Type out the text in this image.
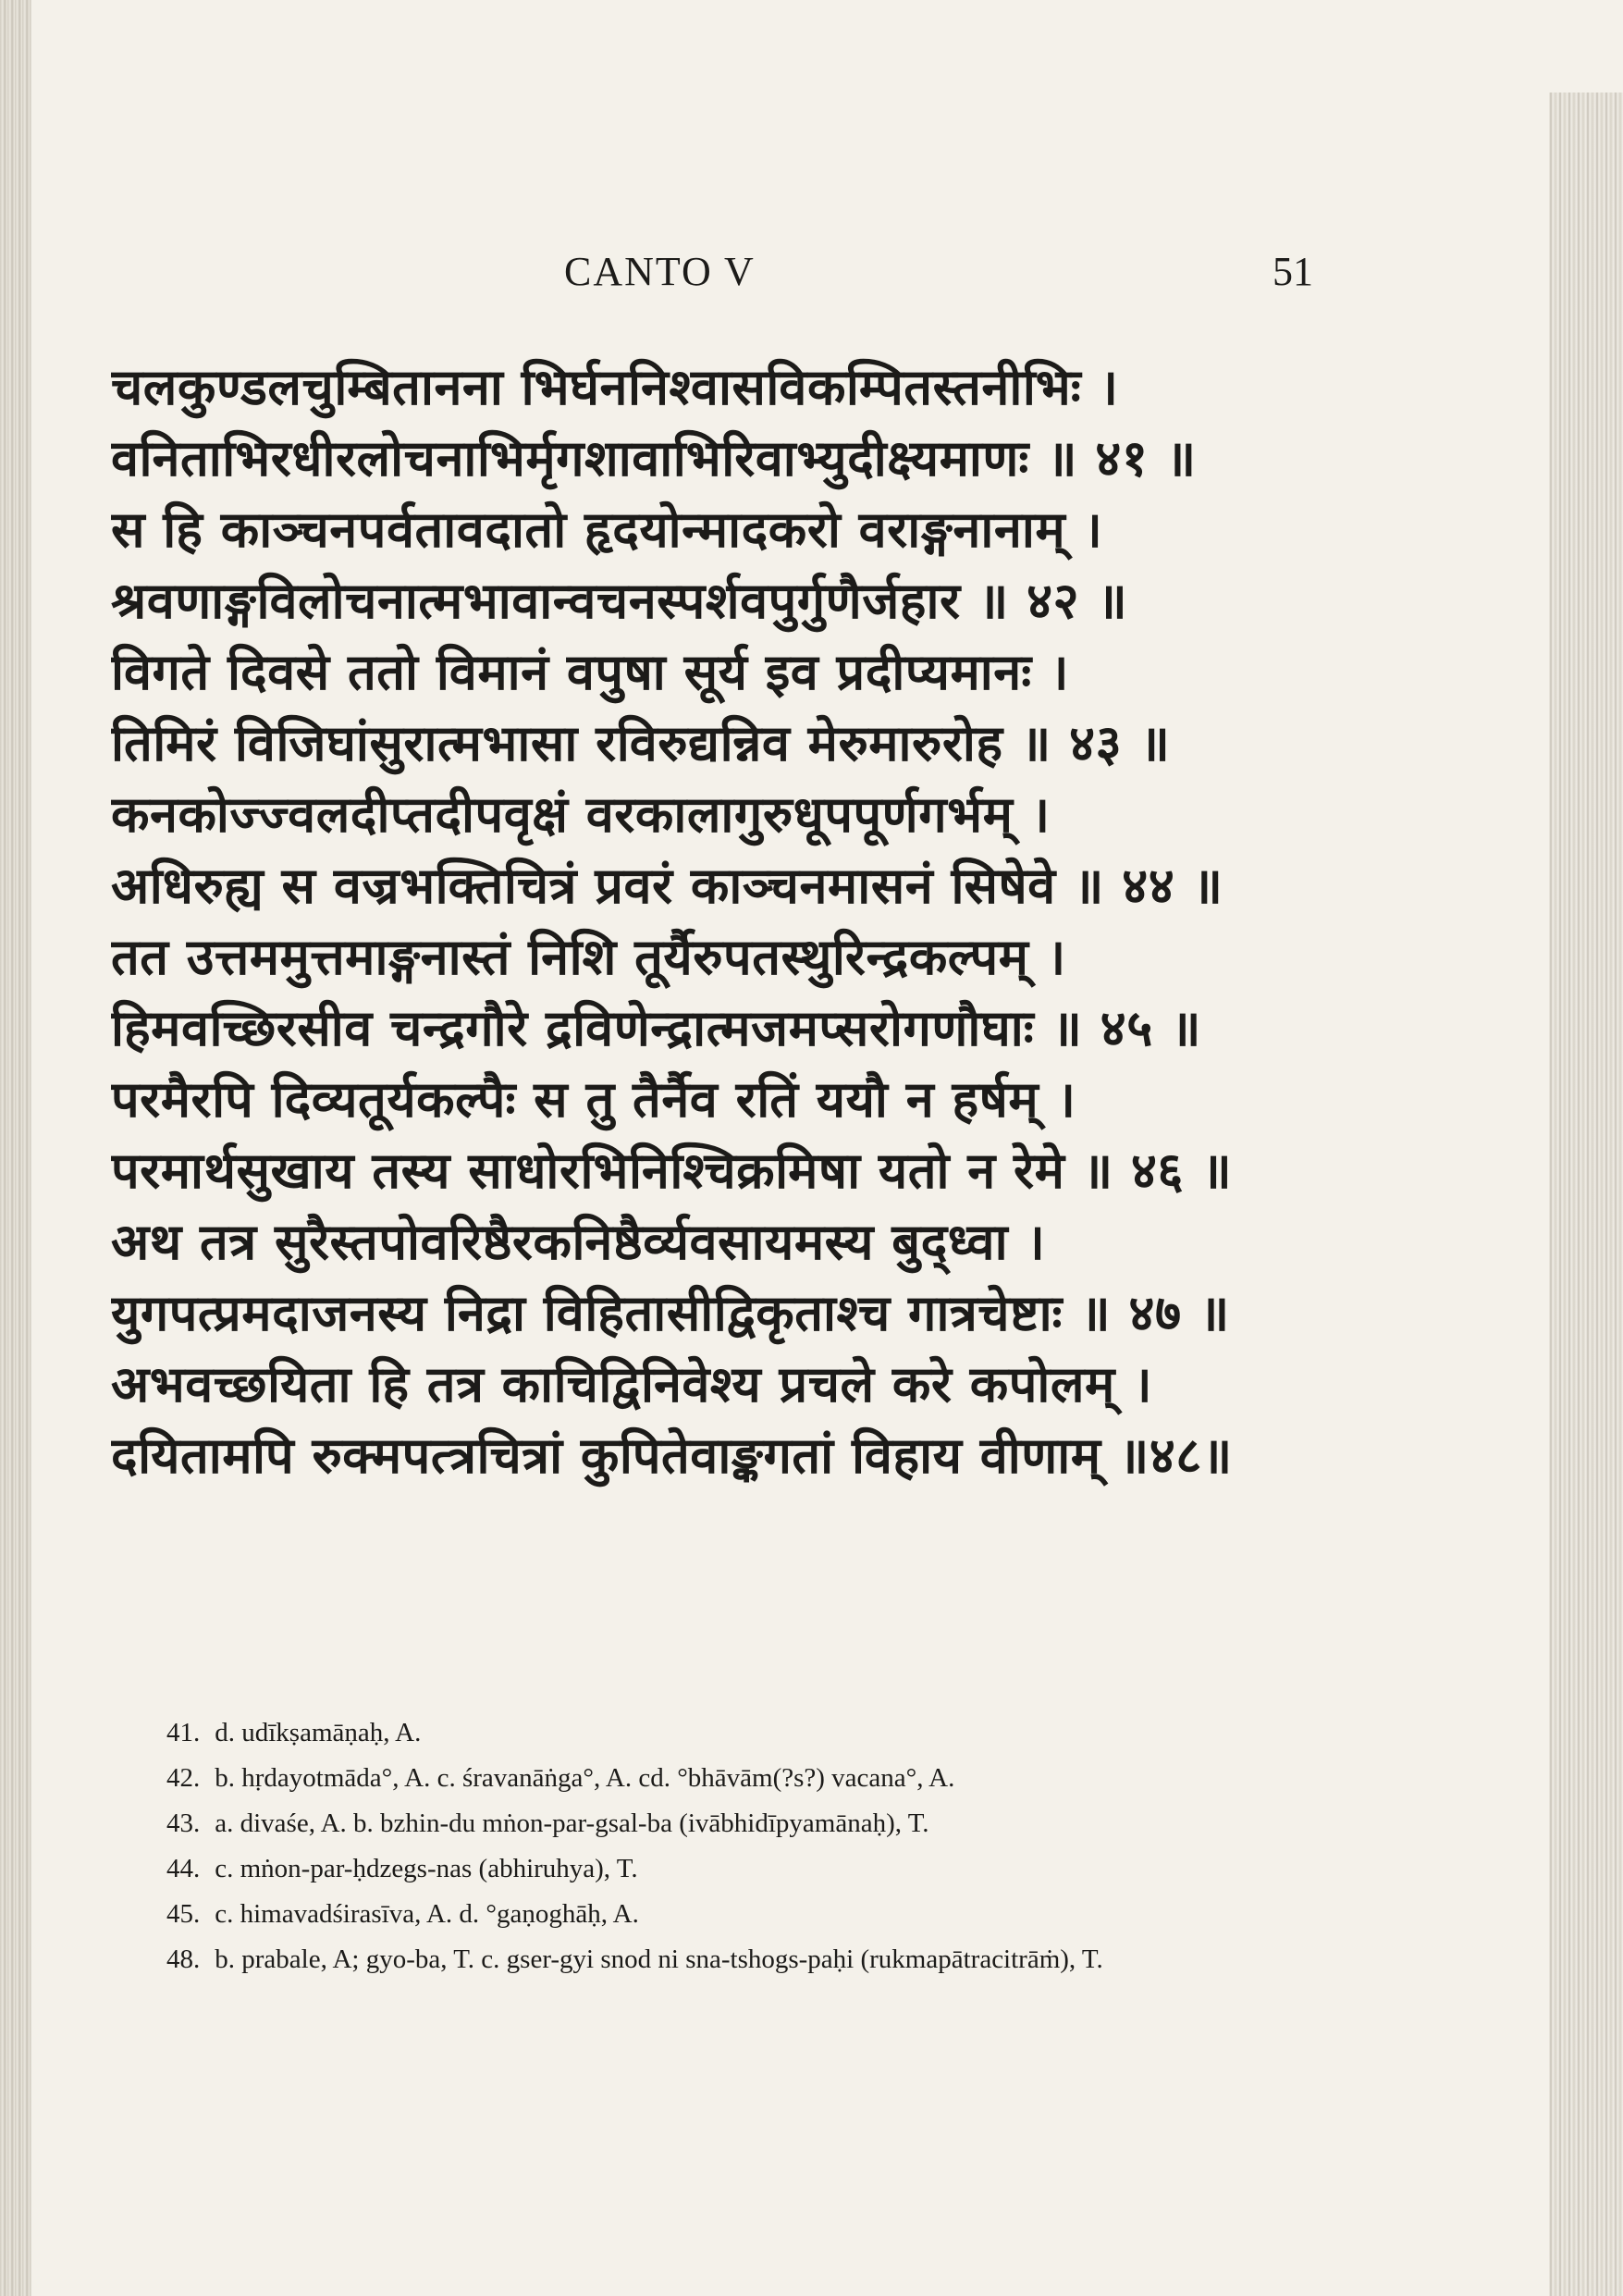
CANTO V	51
चलकुण्डलचुम्बितानना भिर्घननिश्वासविकम्पितस्तनीभिः ।
वनिताभिरधीरलोचनाभिर्मृगशावाभिरिवाभ्युदीक्ष्यमाणः ॥ ४१ ॥
स हि काञ्चनपर्वतावदातो हृदयोन्मादकरो वराङ्गनानाम् ।
श्रवणाङ्गविलोचनात्मभावान्वचनस्पर्शवपुर्गुणैर्जहार ॥ ४२ ॥
विगते दिवसे ततो विमानं वपुषा सूर्य इव प्रदीप्यमानः ।
तिमिरं विजिघांसुरात्मभासा रविरुद्यन्निव मेरुमारुरोह ॥ ४३ ॥
कनकोज्ज्वलदीप्तदीपवृक्षं वरकालागुरुधूपपूर्णगर्भम् ।
अधिरुह्य स वज्रभक्तिचित्रं प्रवरं काञ्चनमासनं सिषेवे ॥ ४४ ॥
तत उत्तममुत्तमाङ्गनास्तं निशि तूर्यैरुपतस्थुरिन्द्रकल्पम् ।
हिमवच्छिरसीव चन्द्रगौरे द्रविणेन्द्रात्मजमप्सरोगणौघाः ॥ ४५ ॥
परमैरपि दिव्यतूर्यकल्पैः स तु तैर्नैव रतिं ययौ न हर्षम् ।
परमार्थसुखाय तस्य साधोरभिनिश्चिक्रमिषा यतो न रेमे ॥ ४६ ॥
अथ तत्र सुरैस्तपोवरिष्ठैरकनिष्ठैर्व्यवसायमस्य बुद्ध्वा ।
युगपत्प्रमदाजनस्य निद्रा विहितासीद्विकृताश्च गात्रचेष्टाः ॥ ४७ ॥
अभवच्छयिता हि तत्र काचिद्विनिवेश्य प्रचले करे कपोलम् ।
दयितामपि रुक्मपत्त्रचित्रां कुपितेवाङ्कगतां विहाय वीणाम् ॥४८॥
41. d. udīkṣamāṇaḥ, A.
42. b. hṛdayotmāda°, A. c. śravanāṅga°, A. cd. °bhāvām(?s?) vacana°, A.
43. a. divaśe, A. b. bzhin-du mṅon-par-gsal-ba (ivābhidīpyamānaḥ), T.
44. c. mṅon-par-ḥdzegs-nas (abhiruhya), T.
45. c. himavadśirasīva, A. d. °gaṇoghāḥ, A.
48. b. prabale, A; gyo-ba, T. c. gser-gyi snod ni sna-tshogs-paḥi (rukmapātracitrāṁ), T.
